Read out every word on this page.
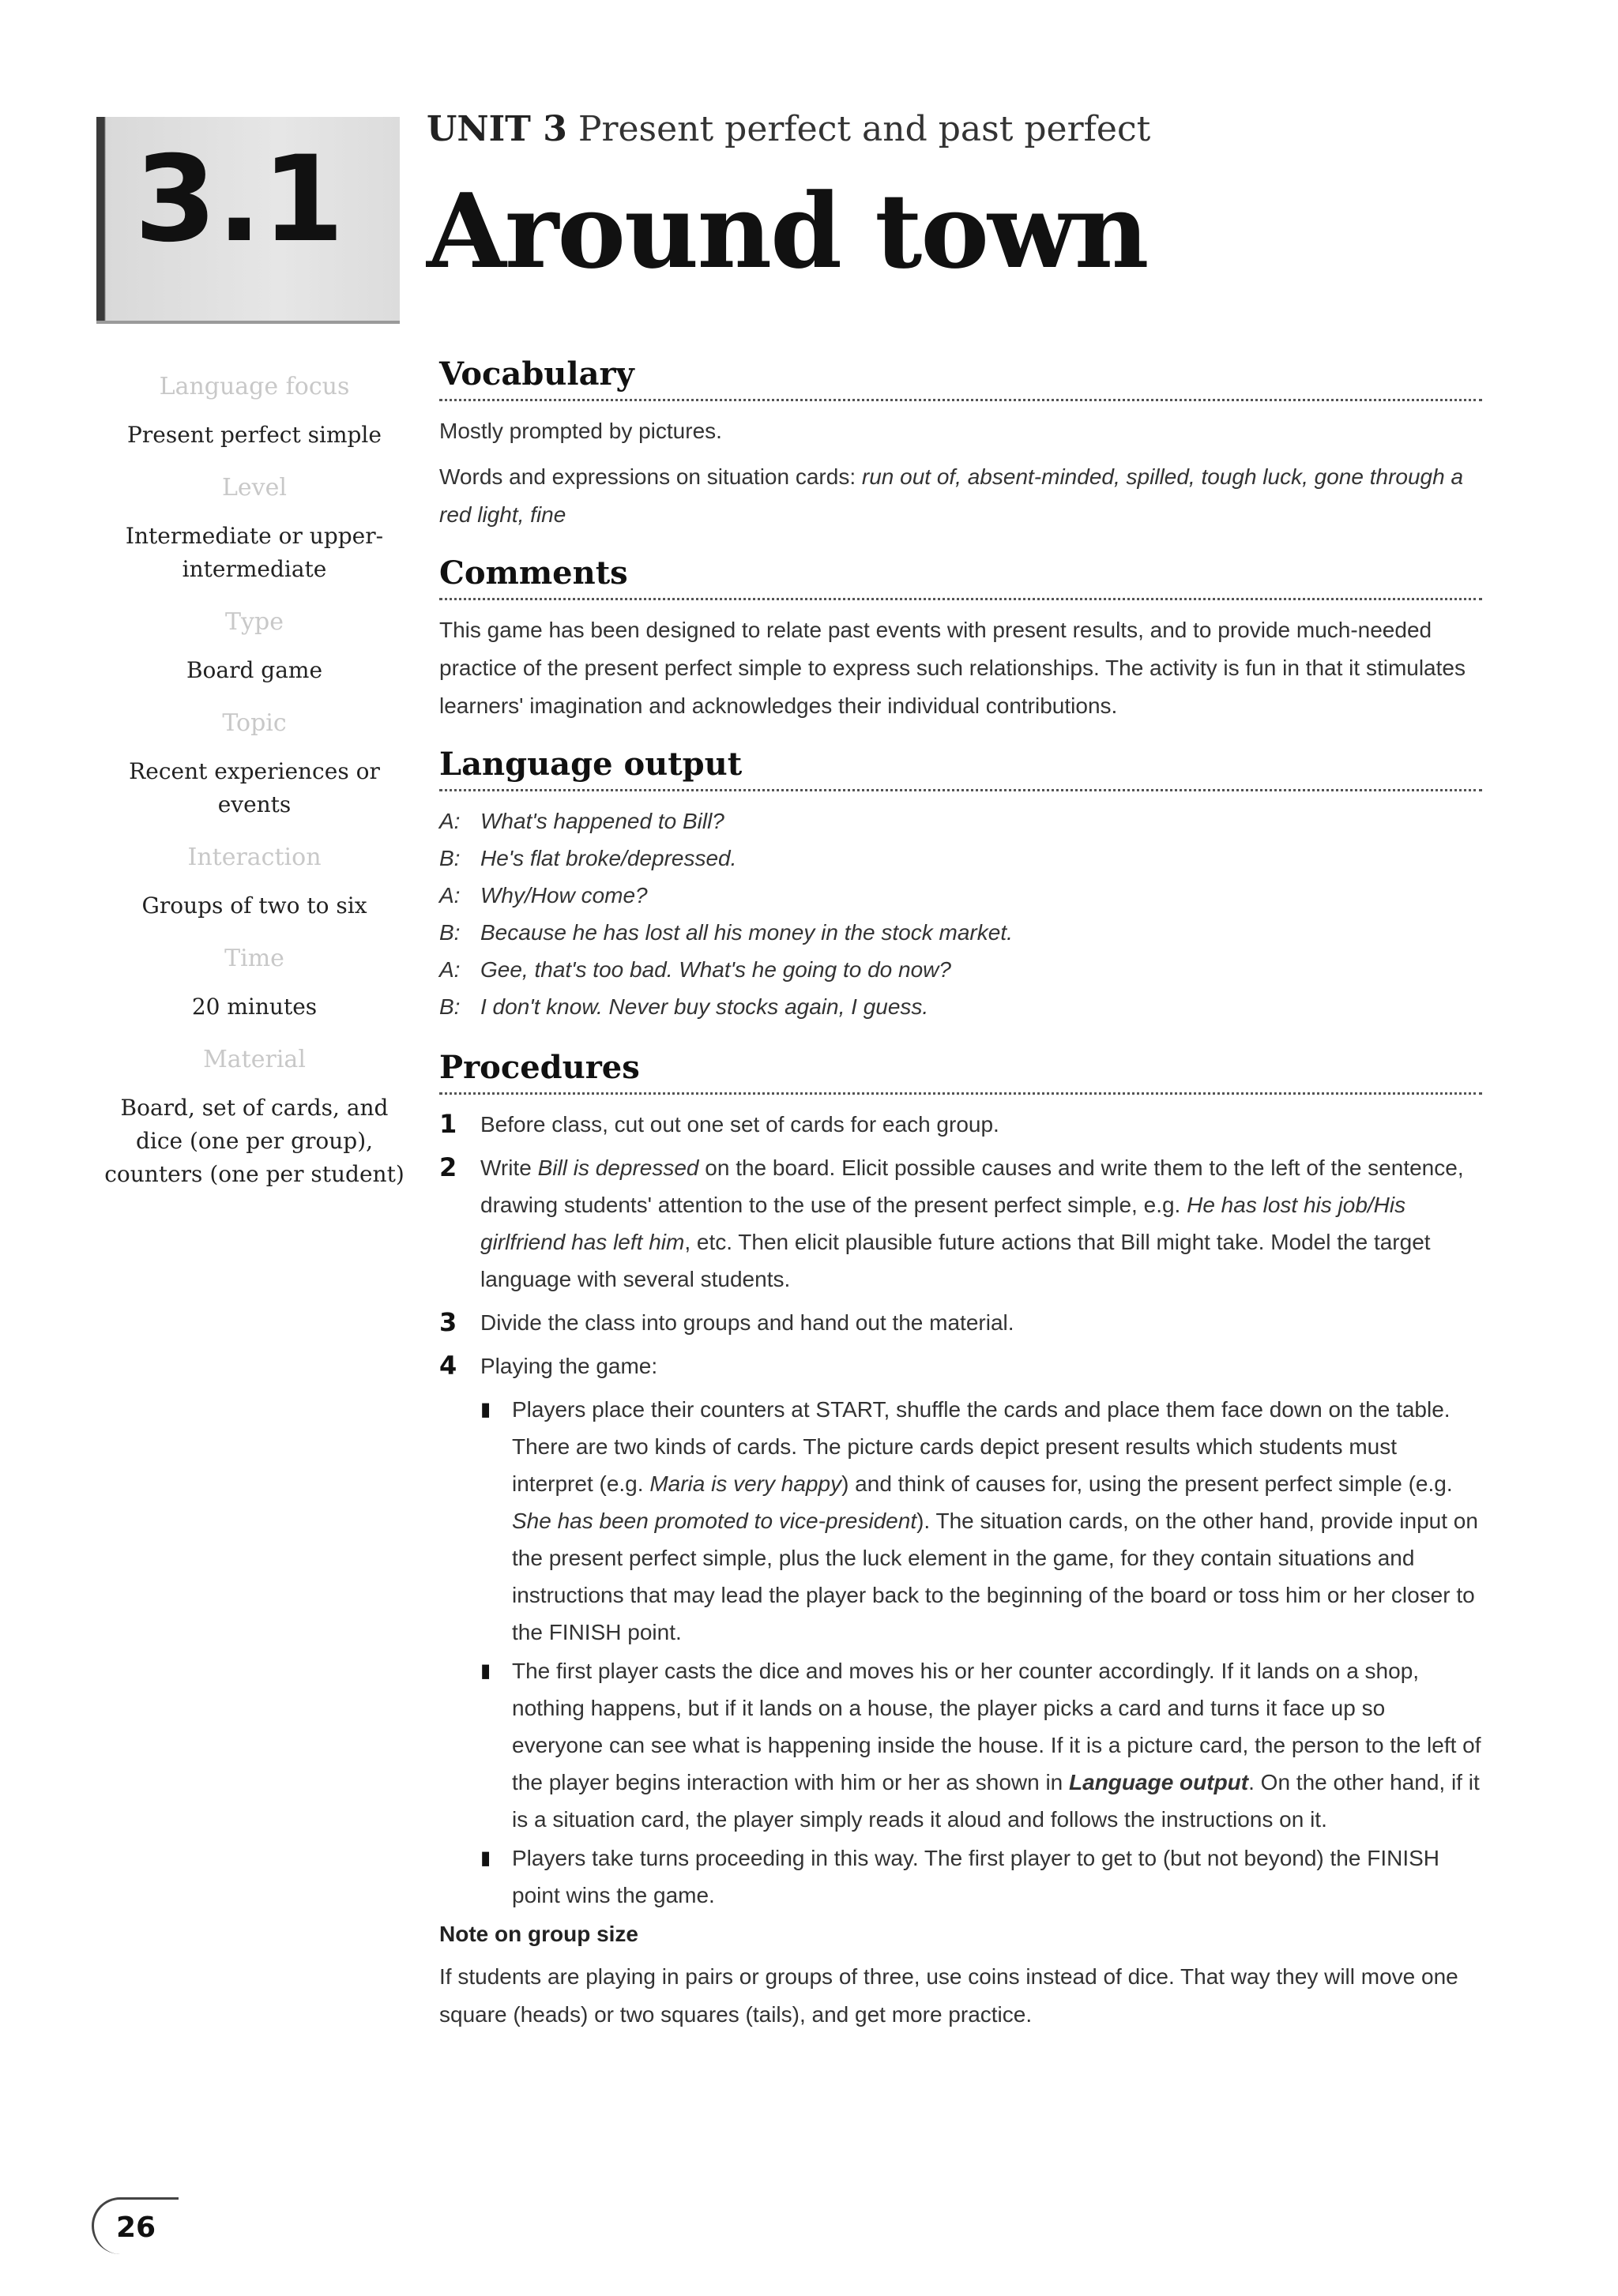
3.1
UNIT 3 Present perfect and past perfect
Around town
Language focus
Present perfect simple
Level
Intermediate or upper-intermediate
Type
Board game
Topic
Recent experiences or events
Interaction
Groups of two to six
Time
20 minutes
Material
Board, set of cards, and dice (one per group), counters (one per student)
Vocabulary
Mostly prompted by pictures.
Words and expressions on situation cards: run out of, absent-minded, spilled, tough luck, gone through a red light, fine
Comments
This game has been designed to relate past events with present results, and to provide much-needed practice of the present perfect simple to express such relationships. The activity is fun in that it stimulates learners' imagination and acknowledges their individual contributions.
Language output
A: What's happened to Bill?
B: He's flat broke/depressed.
A: Why/How come?
B: Because he has lost all his money in the stock market.
A: Gee, that's too bad. What's he going to do now?
B: I don't know. Never buy stocks again, I guess.
Procedures
1	Before class, cut out one set of cards for each group.
2	Write Bill is depressed on the board. Elicit possible causes and write them to the left of the sentence, drawing students' attention to the use of the present perfect simple, e.g. He has lost his job/His girlfriend has left him, etc. Then elicit plausible future actions that Bill might take. Model the target language with several students.
3	Divide the class into groups and hand out the material.
4	Playing the game:
▮ Players place their counters at START, shuffle the cards and place them face down on the table. There are two kinds of cards. The picture cards depict present results which students must interpret (e.g. Maria is very happy) and think of causes for, using the present perfect simple (e.g. She has been promoted to vice-president). The situation cards, on the other hand, provide input on the present perfect simple, plus the luck element in the game, for they contain situations and instructions that may lead the player back to the beginning of the board or toss him or her closer to the FINISH point.
▮ The first player casts the dice and moves his or her counter accordingly. If it lands on a shop, nothing happens, but if it lands on a house, the player picks a card and turns it face up so everyone can see what is happening inside the house. If it is a picture card, the person to the left of the player begins interaction with him or her as shown in Language output. On the other hand, if it is a situation card, the player simply reads it aloud and follows the instructions on it.
▮ Players take turns proceeding in this way. The first player to get to (but not beyond) the FINISH point wins the game.
Note on group size
If students are playing in pairs or groups of three, use coins instead of dice. That way they will move one square (heads) or two squares (tails), and get more practice.
26
